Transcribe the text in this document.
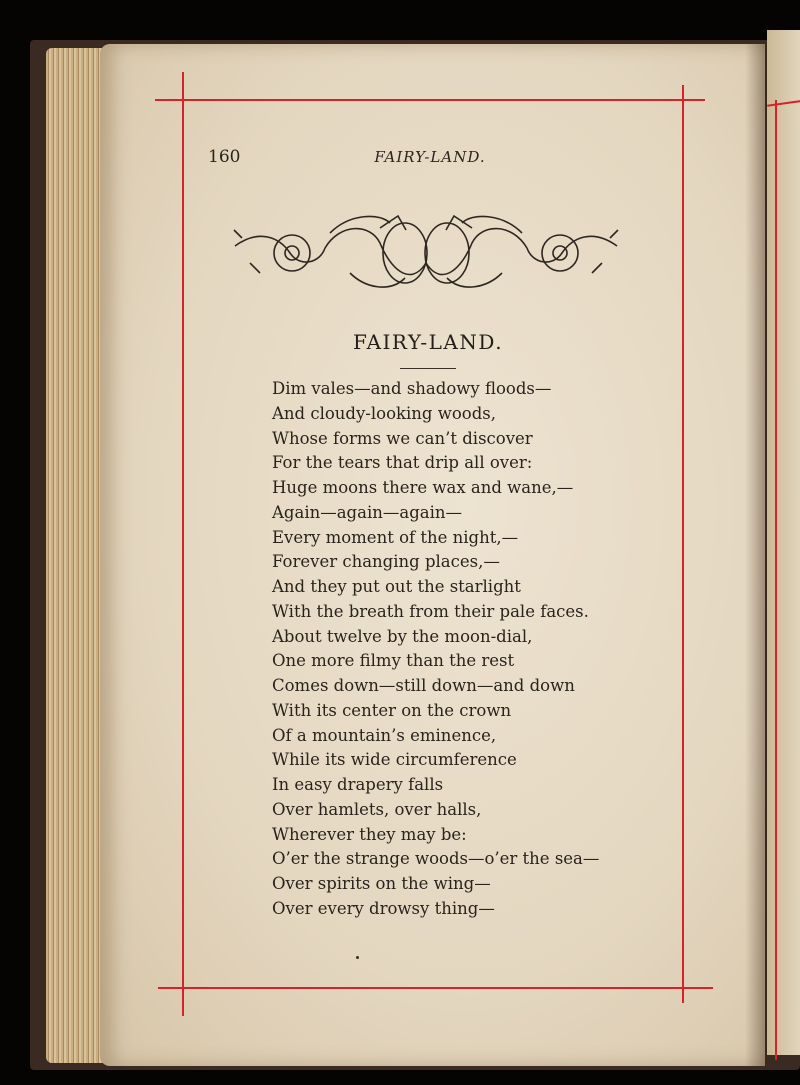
160	FAIRY-LAND.
FAIRY-LAND.
Dim vales—and shadowy floods—
And cloudy-looking woods,
Whose forms we can’t discover
For the tears that drip all over:
Huge moons there wax and wane,—
Again—again—again—
Every moment of the night,—
Forever changing places,—
And they put out the starlight
With the breath from their pale faces.
About twelve by the moon-dial,
One more filmy than the rest
Comes down—still down—and down
With its center on the crown
Of a mountain’s eminence,
While its wide circumference
In easy drapery falls
Over hamlets, over halls,
Wherever they may be:
O’er the strange woods—o’er the sea—
Over spirits on the wing—
Over every drowsy thing—
